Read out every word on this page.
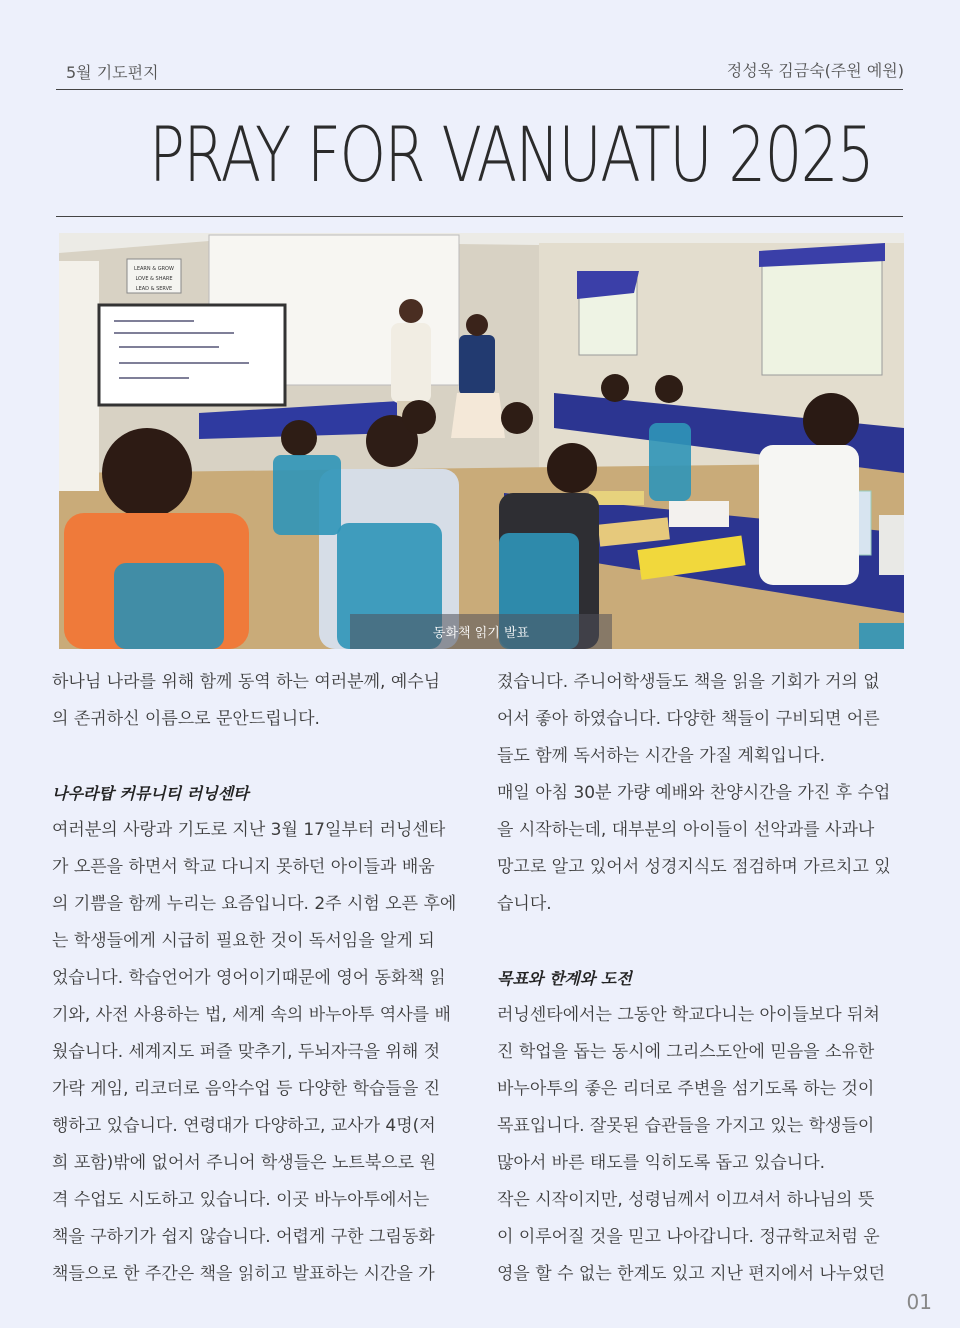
5월 기도편지	정성욱 김금숙(주원 예원)
PRAY FOR VANUATU 2025
LEARN & GROW
LOVE & SHARE
LEAD & SERVE
동화책 읽기 발표

하나님 나라를 위해 함께 동역 하는 여러분께, 예수님

의 존귀하신 이름으로 문안드립니다.

나우라탑 커뮤니티 러닝센타

여러분의 사랑과 기도로 지난 3월 17일부터 러닝센타

가 오픈을 하면서 학교 다니지 못하던 아이들과 배움

의 기쁨을 함께 누리는 요즘입니다. 2주 시험 오픈 후에

는 학생들에게 시급히 필요한 것이 독서임을 알게 되

었습니다. 학습언어가 영어이기때문에 영어 동화책 읽

기와, 사전 사용하는 법, 세계 속의 바누아투 역사를 배

웠습니다. 세계지도 퍼즐 맞추기, 두뇌자극을 위해 젓

가락 게임, 리코더로 음악수업 등 다양한 학습들을 진

행하고 있습니다. 연령대가 다양하고, 교사가 4명(저

희 포함)밖에 없어서 주니어 학생들은 노트북으로 원

격 수업도 시도하고 있습니다. 이곳 바누아투에서는

책을 구하기가 쉽지 않습니다. 어렵게 구한 그림동화

책들으로 한 주간은 책을 읽히고 발표하는 시간을 가

졌습니다. 주니어학생들도 책을 읽을 기회가 거의 없

어서 좋아 하였습니다. 다양한 책들이 구비되면 어른

들도 함께 독서하는 시간을 가질 계획입니다.

매일 아침 30분 가량 예배와 찬양시간을 가진 후 수업

을 시작하는데, 대부분의 아이들이 선악과를 사과나

망고로 알고 있어서 성경지식도 점검하며 가르치고 있

습니다.

목표와 한계와 도전

러닝센타에서는 그동안 학교다니는 아이들보다 뒤쳐

진 학업을 돕는 동시에 그리스도안에 믿음을 소유한

바누아투의 좋은 리더로 주변을 섬기도록 하는 것이

목표입니다. 잘못된 습관들을 가지고 있는 학생들이

많아서 바른 태도를 익히도록 돕고 있습니다.

작은 시작이지만, 성령님께서 이끄셔서 하나님의 뜻

이 이루어질 것을 믿고 나아갑니다. 정규학교처럼 운

영을 할 수 없는 한계도 있고 지난 편지에서 나누었던

01
